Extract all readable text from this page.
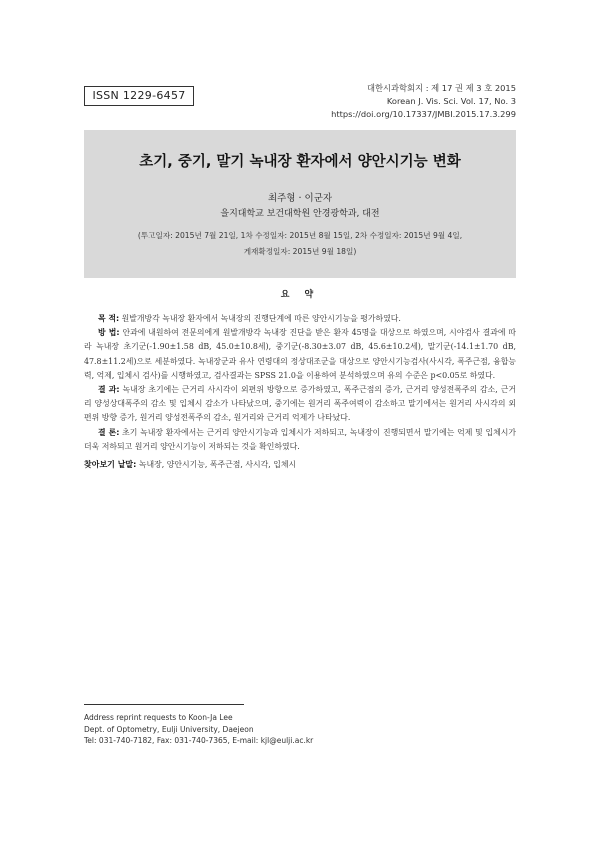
ISSN 1229-6457
대한시과학회지 : 제 17 권 제 3 호 2015
Korean J. Vis. Sci. Vol. 17, No. 3
https://doi.org/10.17337/JMBI.2015.17.3.299
초기, 중기, 말기 녹내장 환자에서 양안시기능 변화
최주형 · 이군자
을지대학교 보건대학원 안경광학과, 대전
(투고일자: 2015년 7월 21일, 1차 수정일자: 2015년 8월 15일, 2차 수정일자: 2015년 9월 4일,
게재확정일자: 2015년 9월 18일)
요 약

목 적: 원발개방각 녹내장 환자에서 녹내장의 진행단계에 따른 양안시기능을 평가하였다.

방 법: 안과에 내원하여 전문의에게 원발개방각 녹내장 진단을 받은 환자 45명을 대상으로 하였으며, 시야검사 결과에 따라 녹내장 초기군(-1.90±1.58 dB, 45.0±10.8세), 중기군(-8.30±3.07 dB, 45.6±10.2세), 말기군(-14.1±1.70 dB, 47.8±11.2세)으로 세분하였다. 녹내장군과 유사 연령대의 정상대조군을 대상으로 양안시기능검사(사시각, 폭주근점, 융합능력, 억제, 입체시 검사)를 시행하였고, 검사결과는 SPSS 21.0을 이용하여 분석하였으며 유의 수준은 p<0.05로 하였다.

결 과: 녹내장 초기에는 근거리 사시각이 외편위 방향으로 증가하였고, 폭주근점의 증가, 근거리 양성전폭주의 감소, 근거리 양성상대폭주의 감소 및 입체시 감소가 나타났으며, 중기에는 원거리 폭주여력이 감소하고 말기에서는 원거리 사시각의 외편위 방향 증가, 원거리 양성전폭주의 감소, 원거리와 근거리 억제가 나타났다.

결 론: 초기 녹내장 환자에서는 근거리 양안시기능과 입체시가 저하되고, 녹내장이 진행되면서 말기에는 억제 및 입체시가 더욱 저하되고 원거리 양안시기능이 저하되는 것을 확인하였다.

찾아보기 낱말: 녹내장, 양안시기능, 폭주근점, 사시각, 입체시
Address reprint requests to Koon-Ja Lee
Dept. of Optometry, Eulji University, Daejeon
Tel: 031-740-7182, Fax: 031-740-7365, E-mail: kjl@eulji.ac.kr
